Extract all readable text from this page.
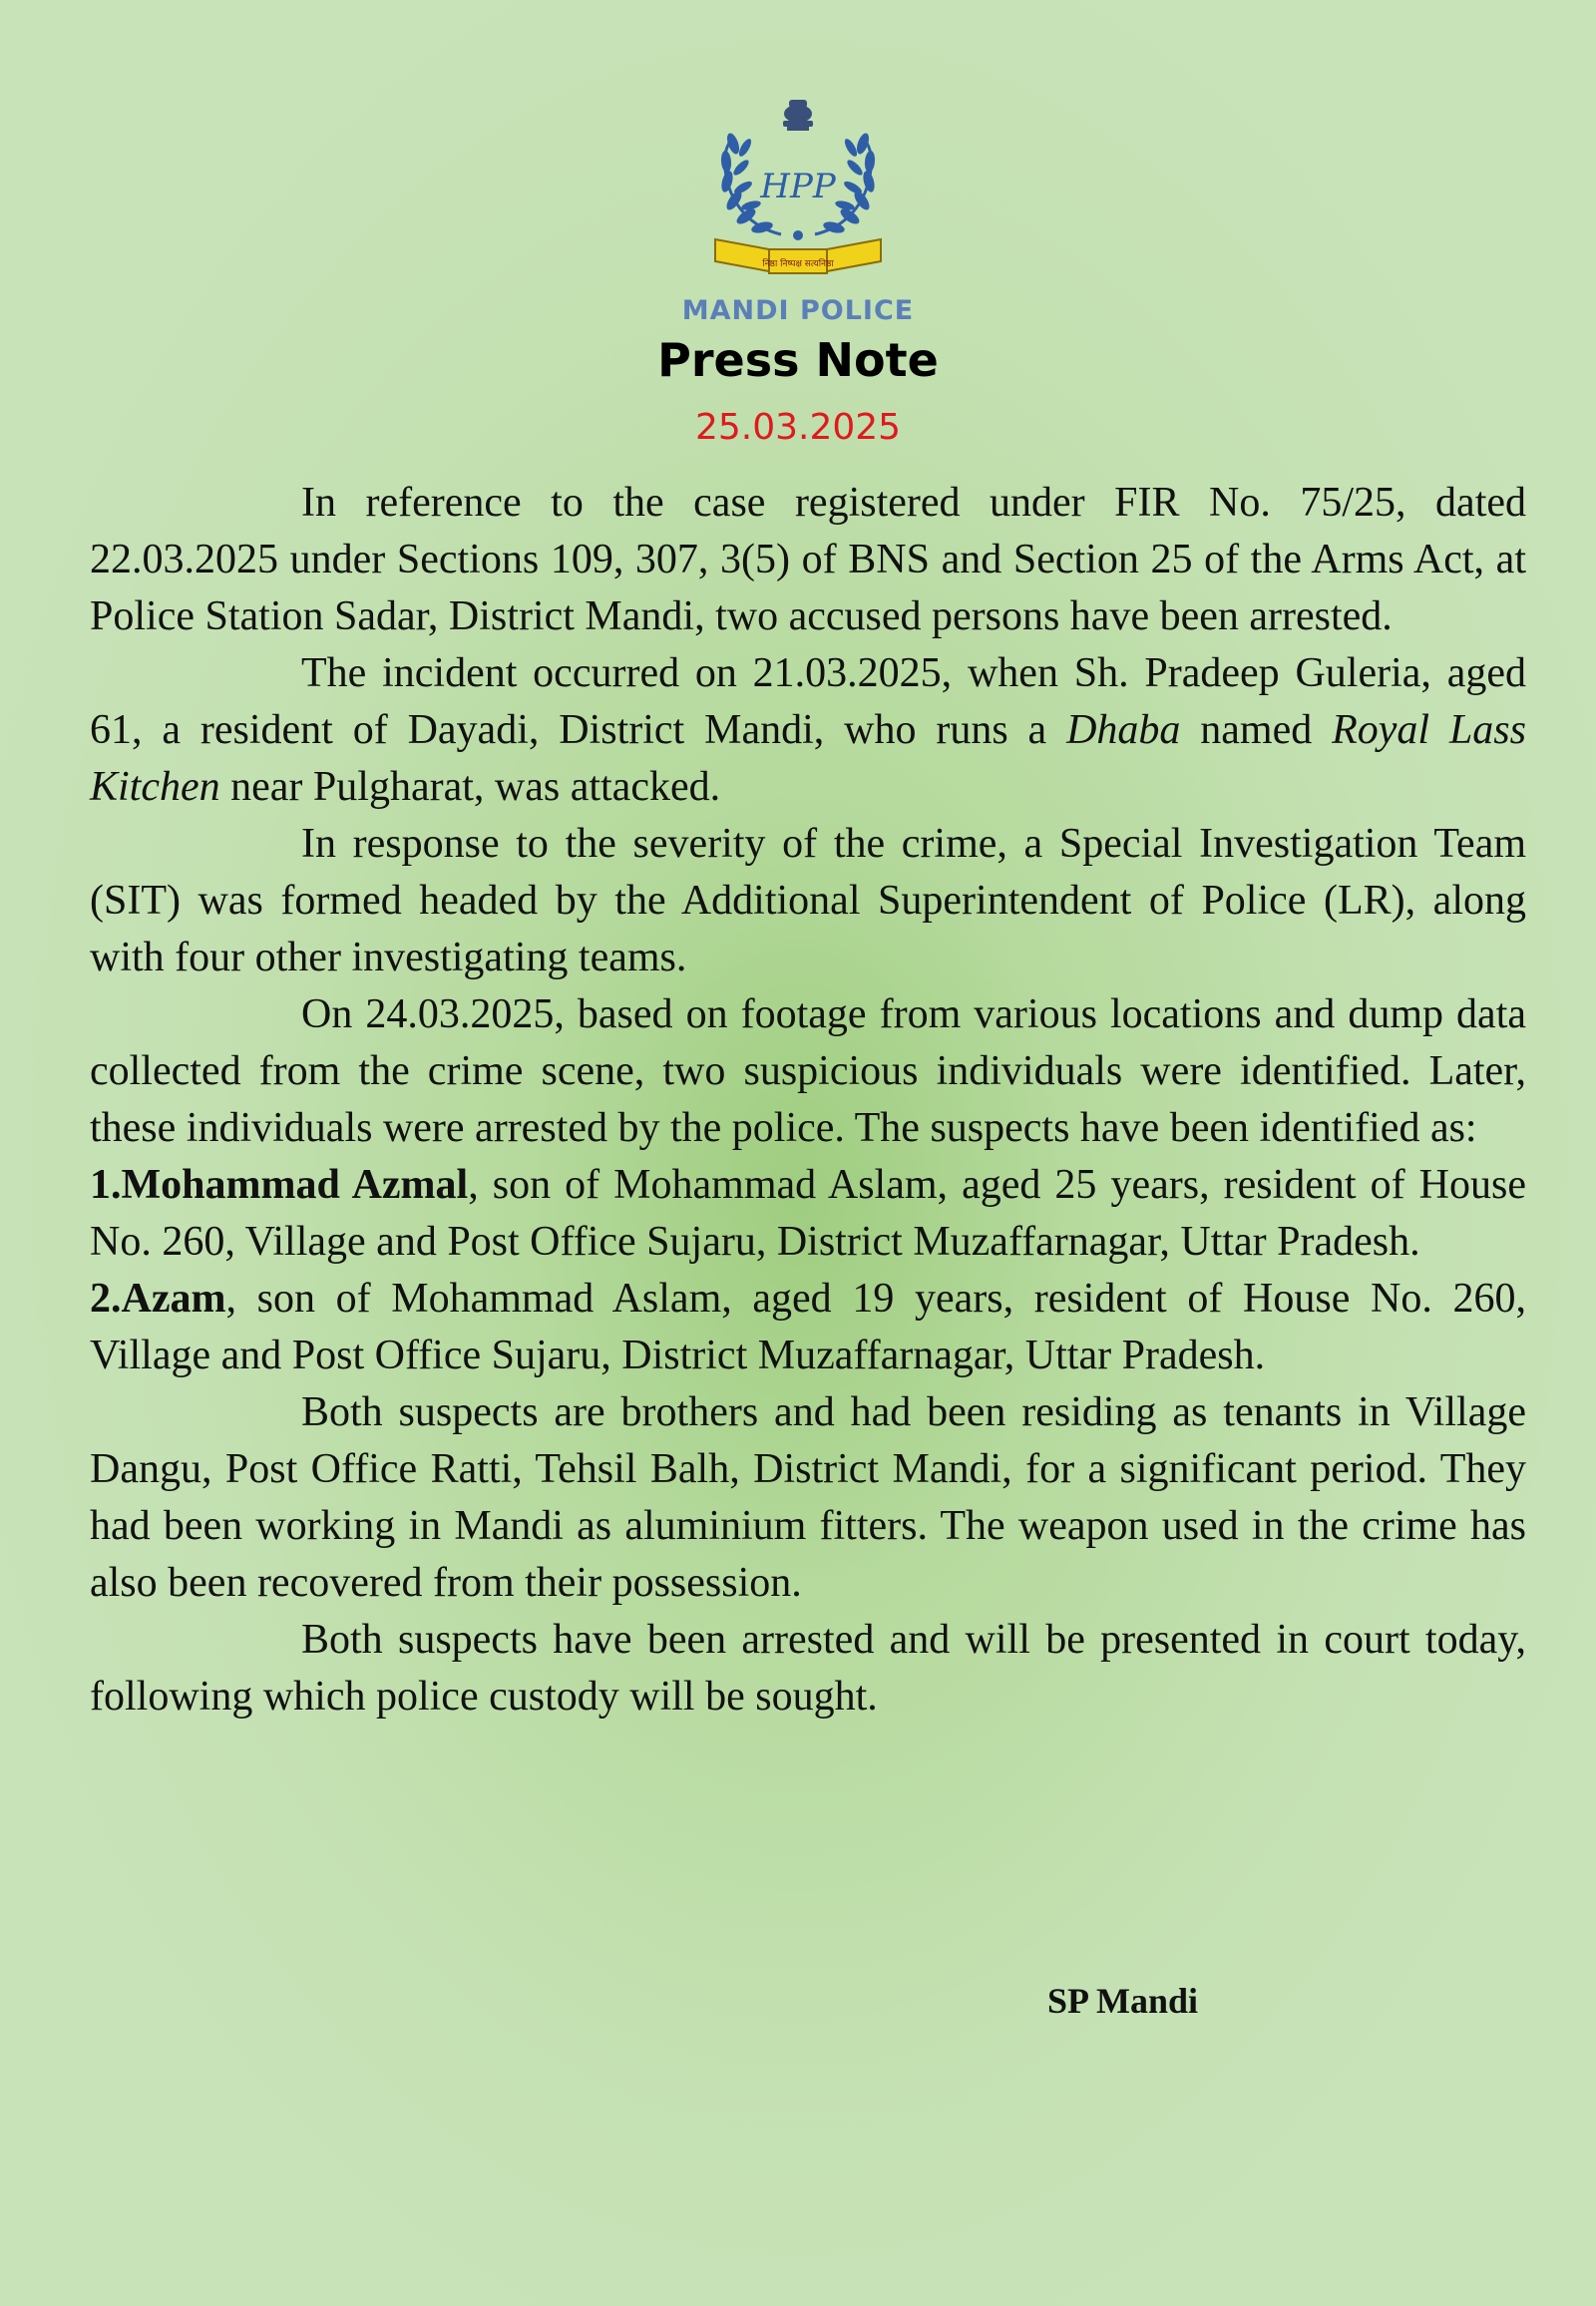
HPP
निष्ठा निष्पक्ष सत्यनिष्ठा
MANDI POLICE
Press Note
25.03.2025

In reference to the case registered under FIR No. 75/25, dated 22.03.2025 under Sections 109, 307, 3(5) of BNS and Section 25 of the Arms Act, at Police Station Sadar, District Mandi, two accused persons have been arrested.

The incident occurred on 21.03.2025, when Sh. Pradeep Guleria, aged 61, a resident of Dayadi, District Mandi, who runs a Dhaba named Royal Lass Kitchen near Pulgharat, was attacked.

In response to the severity of the crime, a Special Investigation Team (SIT) was formed headed by the Additional Superintendent of Police (LR), along with four other investigating teams.

On 24.03.2025, based on footage from various locations and dump data collected from the crime scene, two suspicious individuals were identified. Later, these individuals were arrested by the police. The suspects have been identified as:

1.Mohammad Azmal, son of Mohammad Aslam, aged 25 years, resident of House No. 260, Village and Post Office Sujaru, District Muzaffarnagar, Uttar Pradesh.

2.Azam, son of Mohammad Aslam, aged 19 years, resident of House No. 260, Village and Post Office Sujaru, District Muzaffarnagar, Uttar Pradesh.

Both suspects are brothers and had been residing as tenants in Village Dangu, Post Office Ratti, Tehsil Balh, District Mandi, for a significant period. They had been working in Mandi as aluminium fitters. The weapon used in the crime has also been recovered from their possession.

Both suspects have been arrested and will be presented in court today, following which police custody will be sought.

SP Mandi
